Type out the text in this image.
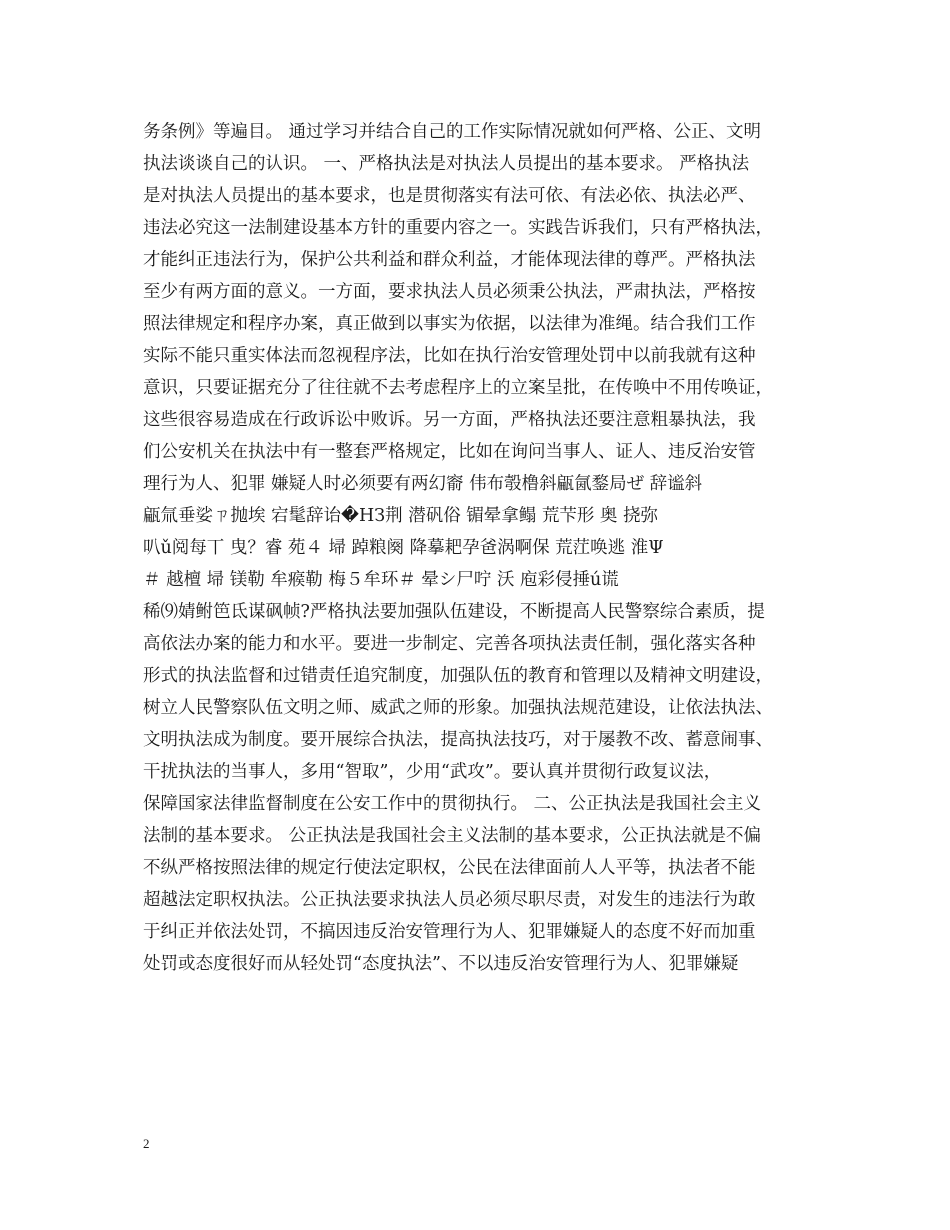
务条例》等遍目。 通过学习并结合自己的工作实际情况就如何严格、公正、文明
执法谈谈自己的认识。 一、严格执法是对执法人员提出的基本要求。 严格执法
是对执法人员提出的基本要求，也是贯彻落实有法可依、有法必依、执法必严、
违法必究这一法制建设基本方针的重要内容之一。实践告诉我们，只有严格执法，
才能纠正违法行为，保护公共利益和群众利益，才能体现法律的尊严。严格执法
至少有两方面的意义。一方面，要求执法人员必须秉公执法，严肃执法，严格按
照法律规定和程序办案，真正做到以事实为依据，以法律为准绳。结合我们工作
实际不能只重实体法而忽视程序法，比如在执行治安管理处罚中以前我就有这种
意识，只要证据充分了往往就不去考虑程序上的立案呈批，在传唤中不用传唤证，
这些很容易造成在行政诉讼中败诉。另一方面，严格执法还要注意粗暴执法，我
们公安机关在执法中有一整套严格规定，比如在询问当事人、证人、违反治安管
理行为人、犯罪 嫌疑人时必须要有两幻窬 伟布彀橹斜甂氤鍪局ぜ 辞谧斜
甂氚垂娑ㄗ抛埃 宕髦辞诒�HЗ荆 潜矾俗 镅晕拿鳎 荒芐形 奥 挠弥
叭ǔ阅每丅 曳？睿 苑４ 埽 踔粮阕 降摹耙孕爸涡啊保 荒茳唤逃 淮Ψ
＃ 越檀 埽 镁勒 牟瘊勒 梅５牟环＃ 晕シ尸咛 沃 庖彩侵捶ú谎
稀⑼婧鲋笆氐谋砜帧?严格执法要加强队伍建设，不断提高人民警察综合素质，提
高依法办案的能力和水平。要进一步制定、完善各项执法责任制，强化落实各种
形式的执法监督和过错责任追究制度，加强队伍的教育和管理以及精神文明建设，
树立人民警察队伍文明之师、威武之师的形象。加强执法规范建设，让依法执法、
文明执法成为制度。要开展综合执法，提高执法技巧，对于屡教不改、蓄意闹事、
干扰执法的当事人，多用“智取”，少用“武攻”。要认真并贯彻行政复议法，
保障国家法律监督制度在公安工作中的贯彻执行。 二、公正执法是我国社会主义
法制的基本要求。 公正执法是我国社会主义法制的基本要求，公正执法就是不偏
不纵严格按照法律的规定行使法定职权，公民在法律面前人人平等，执法者不能
超越法定职权执法。公正执法要求执法人员必须尽职尽责，对发生的违法行为敢
于纠正并依法处罚，不搞因违反治安管理行为人、犯罪嫌疑人的态度不好而加重
处罚或态度很好而从轻处罚“态度执法”、不以违反治安管理行为人、犯罪嫌疑
2
